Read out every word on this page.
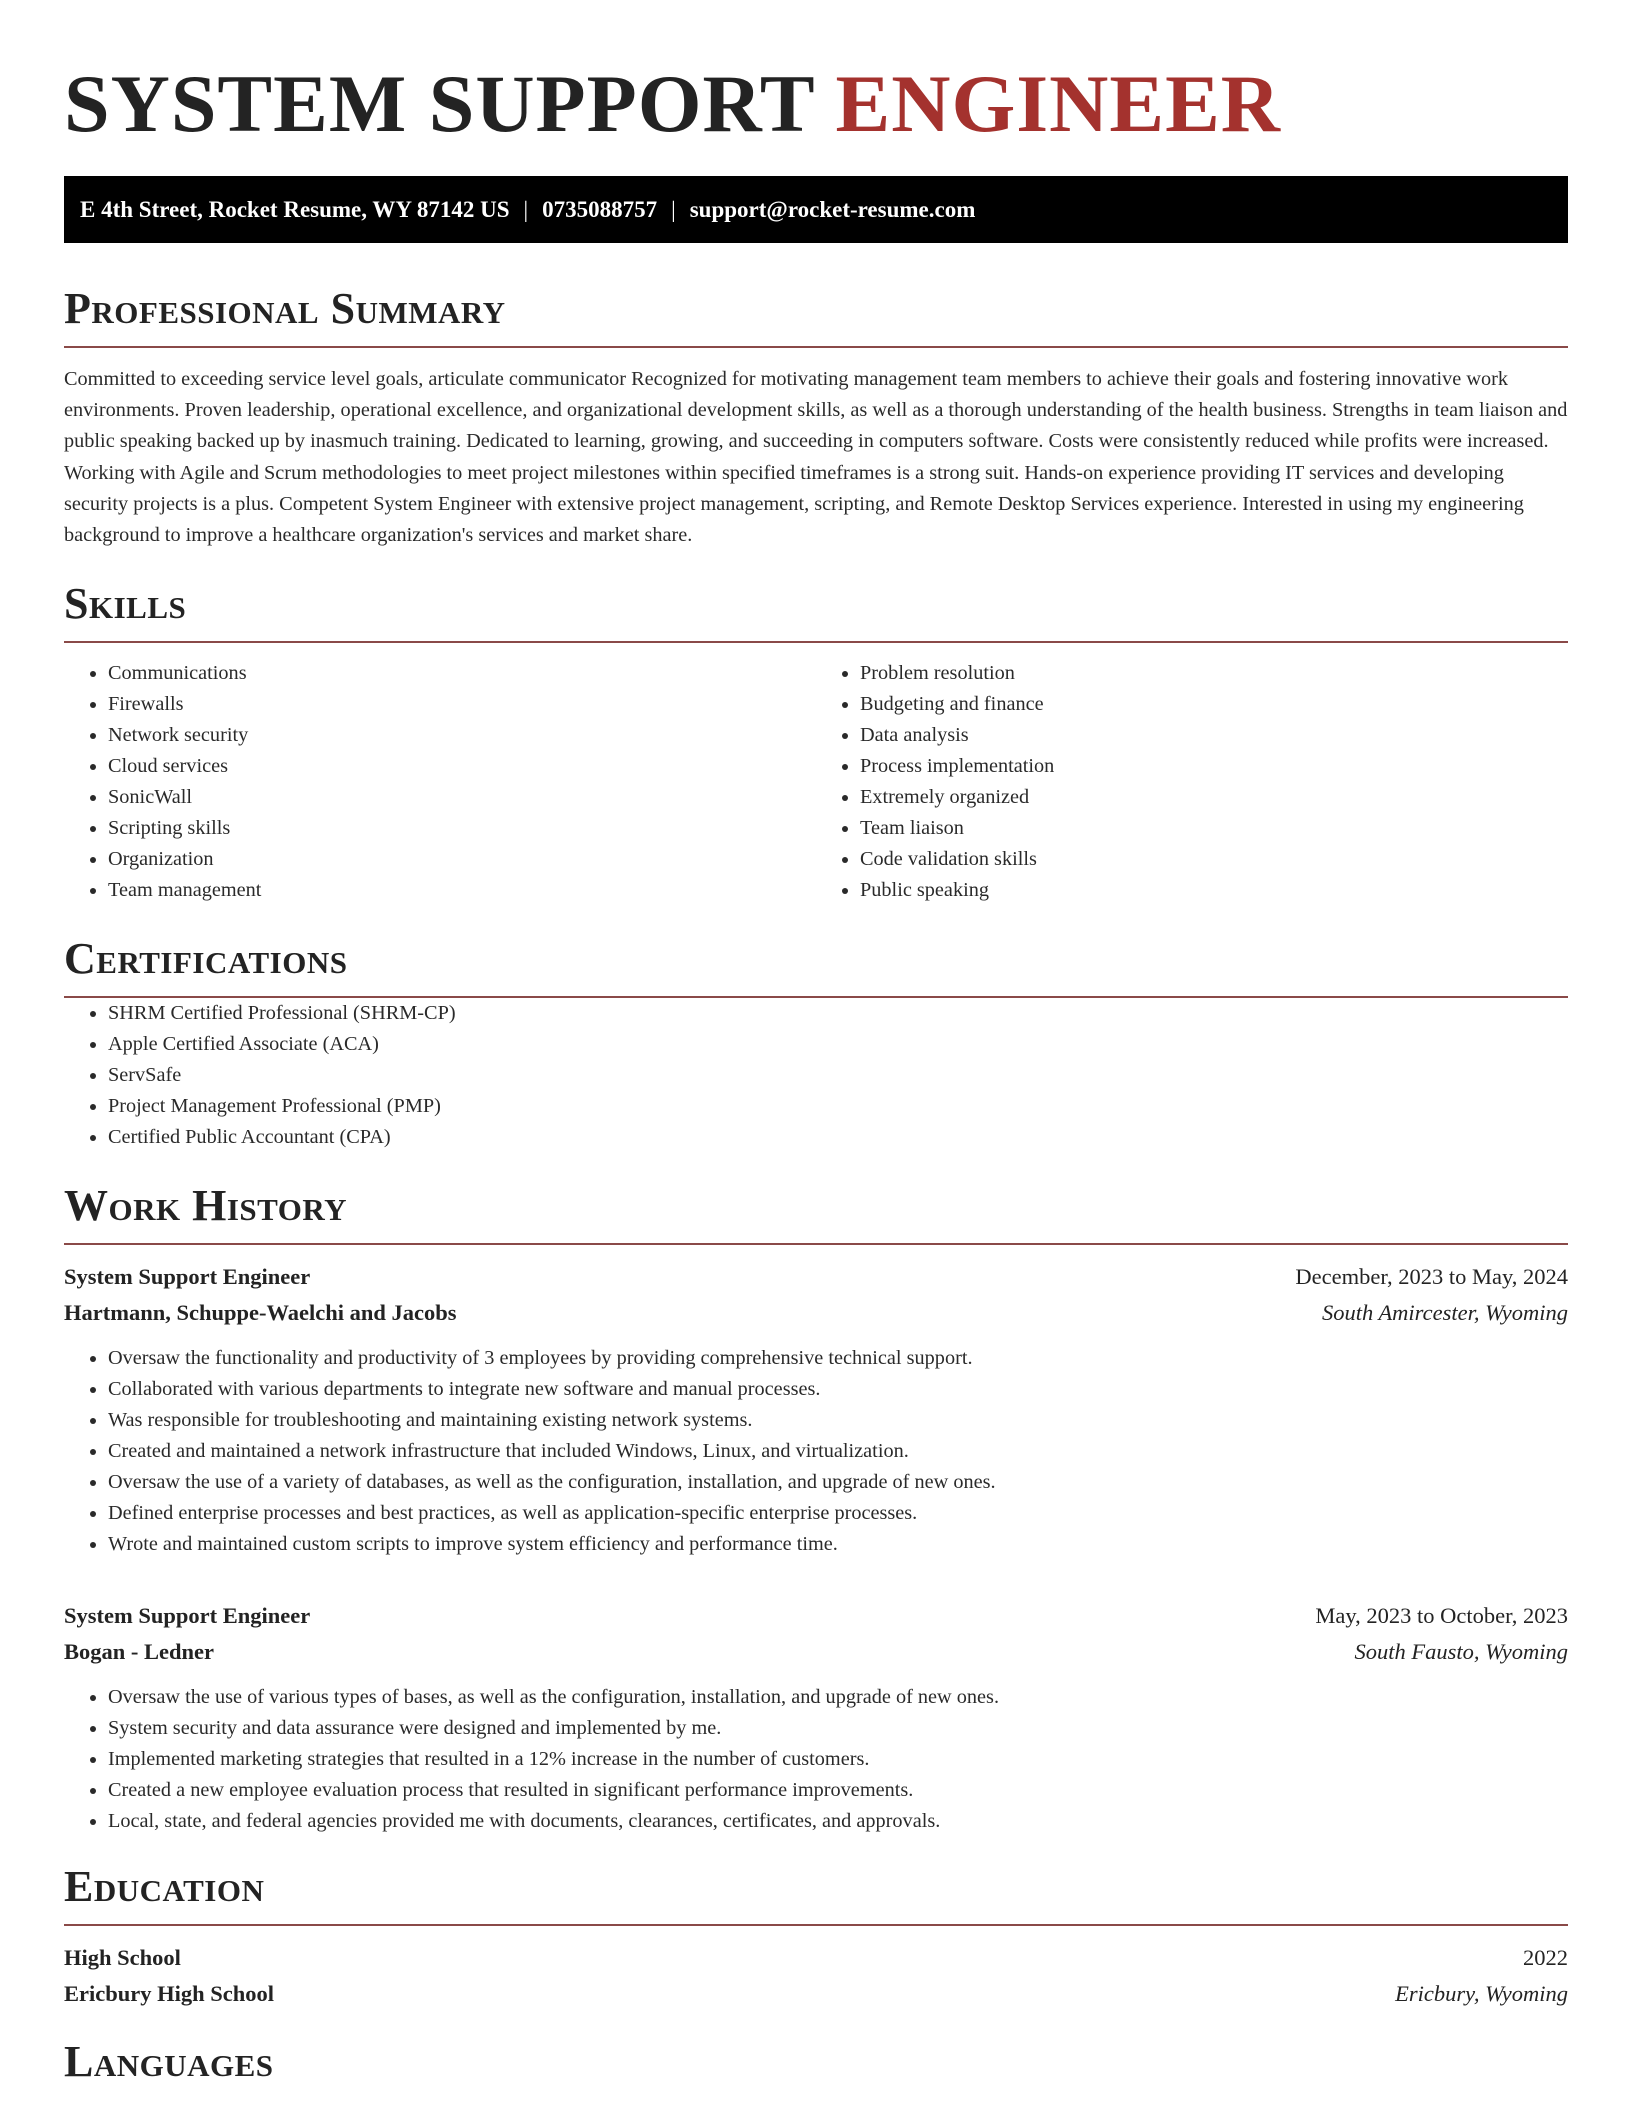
SYSTEM SUPPORT ENGINEER
E 4th Street, Rocket Resume, WY 87142 US | 0735088757 | support@rocket-resume.com
Professional Summary

Committed to exceeding service level goals, articulate communicator Recognized for motivating management team members to achieve their goals and fostering innovative work environments. Proven leadership, operational excellence, and organizational development skills, as well as a thorough understanding of the health business. Strengths in team liaison and public speaking backed up by inasmuch training. Dedicated to learning, growing, and succeeding in computers software. Costs were consistently reduced while profits were increased. Working with Agile and Scrum methodologies to meet project milestones within specified timeframes is a strong suit. Hands-on experience providing IT services and developing security projects is a plus. Competent System Engineer with extensive project management, scripting, and Remote Desktop Services experience. Interested in using my engineering background to improve a healthcare organization's services and market share.

Skills
• Communications
• Firewalls
• Network security
• Cloud services
• SonicWall
• Scripting skills
• Organization
• Team management
• Problem resolution
• Budgeting and finance
• Data analysis
• Process implementation
• Extremely organized
• Team liaison
• Code validation skills
• Public speaking
Certifications
• SHRM Certified Professional (SHRM-CP)
• Apple Certified Associate (ACA)
• ServSafe
• Project Management Professional (PMP)
• Certified Public Accountant (CPA)
Work History
System Support Engineer	December, 2023 to May, 2024
Hartmann, Schuppe-Waelchi and Jacobs	South Amircester, Wyoming
• Oversaw the functionality and productivity of 3 employees by providing comprehensive technical support.
• Collaborated with various departments to integrate new software and manual processes.
• Was responsible for troubleshooting and maintaining existing network systems.
• Created and maintained a network infrastructure that included Windows, Linux, and virtualization.
• Oversaw the use of a variety of databases, as well as the configuration, installation, and upgrade of new ones.
• Defined enterprise processes and best practices, as well as application-specific enterprise processes.
• Wrote and maintained custom scripts to improve system efficiency and performance time.
System Support Engineer	May, 2023 to October, 2023
Bogan - Ledner	South Fausto, Wyoming
• Oversaw the use of various types of bases, as well as the configuration, installation, and upgrade of new ones.
• System security and data assurance were designed and implemented by me.
• Implemented marketing strategies that resulted in a 12% increase in the number of customers.
• Created a new employee evaluation process that resulted in significant performance improvements.
• Local, state, and federal agencies provided me with documents, clearances, certificates, and approvals.
Education
High School	2022
Ericbury High School	Ericbury, Wyoming
Languages
